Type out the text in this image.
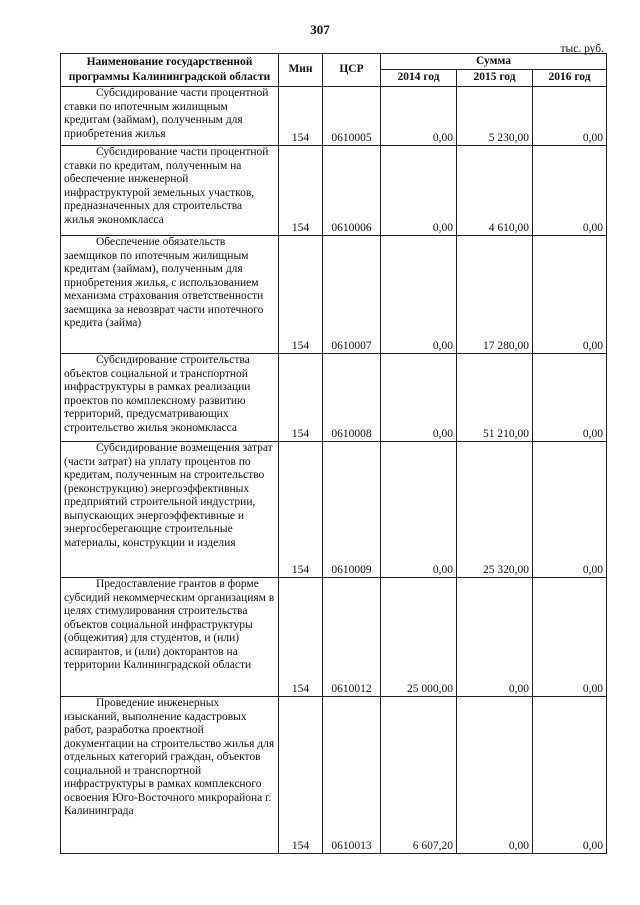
307
тыс. руб.
Наименование государственной программы Калининградской области	Мин	ЦСР	Сумма		
			2014 год	2015 год	2016 год

Субсидирование части процентной ставки по ипотечным жилищным кредитам (займам), полученным для приобретения жилья	154	0610005	0,00	5 230,00	0,00

Субсидирование части процентной ставки по кредитам, полученным на обеспечение инженерной инфраструктурой земельных участков, предназначенных для строительства жилья экономкласса	154	0610006	0,00	4 610,00	0,00

Обеспечение обязательств заемщиков по ипотечным жилищным кредитам (займам), полученным для приобретения жилья, с использованием механизма страхования ответственности заемщика за невозврат части ипотечного кредита (займа)	154	0610007	0,00	17 280,00	0,00

Субсидирование строительства объектов социальной и транспортной инфраструктуры в рамках реализации проектов по комплексному развитию территорий, предусматривающих строительство жилья экономкласса	154	0610008	0,00	51 210,00	0,00

Субсидирование возмещения затрат (части затрат) на уплату процентов по кредитам, полученным на строительство (реконструкцию) энергоэффективных предприятий строительной индустрии, выпускающих энергоэффективные и энергосберегающие строительные материалы, конструкции и изделия	154	0610009	0,00	25 320,00	0,00

Предоставление грантов в форме субсидий некоммерческим организациям в целях стимулирования строительства объектов социальной инфраструктуры (общежития) для студентов, и (или) аспирантов, и (или) докторантов на территории Калининградской области	154	0610012	25 000,00	0,00	0,00

Проведение инженерных изысканий, выполнение кадастровых работ, разработка проектной документации на строительство жилья для отдельных категорий граждан, объектов социальной и транспортной инфраструктуры в рамках комплексного освоения Юго-Восточного микрорайона г. Калининграда	154	0610013	6 607,20	0,00	0,00
